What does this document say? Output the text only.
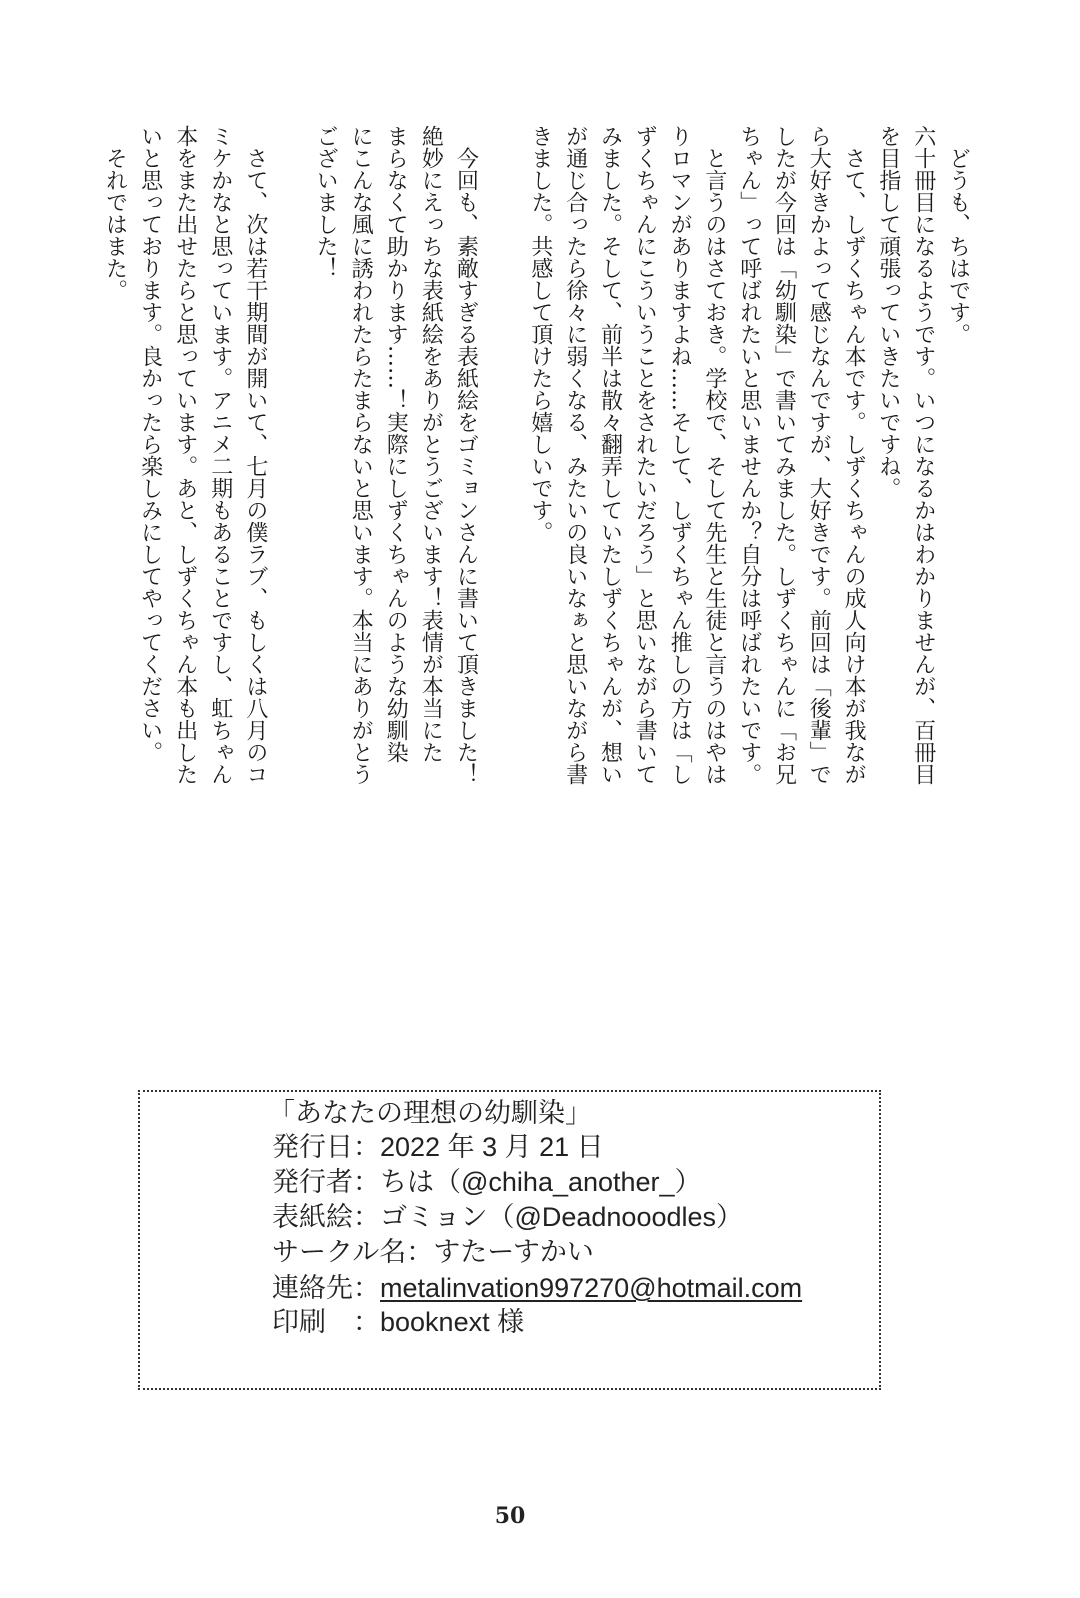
どうも、ちはです。
六十冊目になるようです。いつになるかはわかりませんが、百冊目
を目指して頑張っていきたいですね。
さて、しずくちゃん本です。しずくちゃんの成人向け本が我なが
ら大好きかよって感じなんですが、大好きです。前回は「後輩」で
したが今回は「幼馴染」で書いてみました。しずくちゃんに「お兄
ちゃん」って呼ばれたいと思いませんか？自分は呼ばれたいです。
と言うのはさておき。学校で、そして先生と生徒と言うのはやは
りロマンがありますよね……そして、しずくちゃん推しの方は「し
ずくちゃんにこういうことをされたいだろう」と思いながら書いて
みました。そして、前半は散々翻弄していたしずくちゃんが、想い
が通じ合ったら徐々に弱くなる、みたいの良いなぁと思いながら書
きました。共感して頂けたら嬉しいです。
今回も、素敵すぎる表紙絵をゴミョンさんに書いて頂きました！
絶妙にえっちな表紙絵をありがとうございます！表情が本当にた
まらなくて助かります……！実際にしずくちゃんのような幼馴染
にこんな風に誘われたらたまらないと思います。本当にありがとう
ございました！
さて、次は若干期間が開いて、七月の僕ラブ、もしくは八月のコ
ミケかなと思っています。アニメ二期もあることですし、虹ちゃん
本をまた出せたらと思っています。あと、しずくちゃん本も出した
いと思っております。良かったら楽しみにしてやってください。
それではまた。
「あなたの理想の幼馴染」
発行日：2022 年 3 月 21 日
発行者：ちは（@chiha_another_）
表紙絵：ゴミョン（@Deadnooodles）
サークル名：すたーすかい
連絡先：metalinvation997270@hotmail.com
印刷　：booknext 様
50
